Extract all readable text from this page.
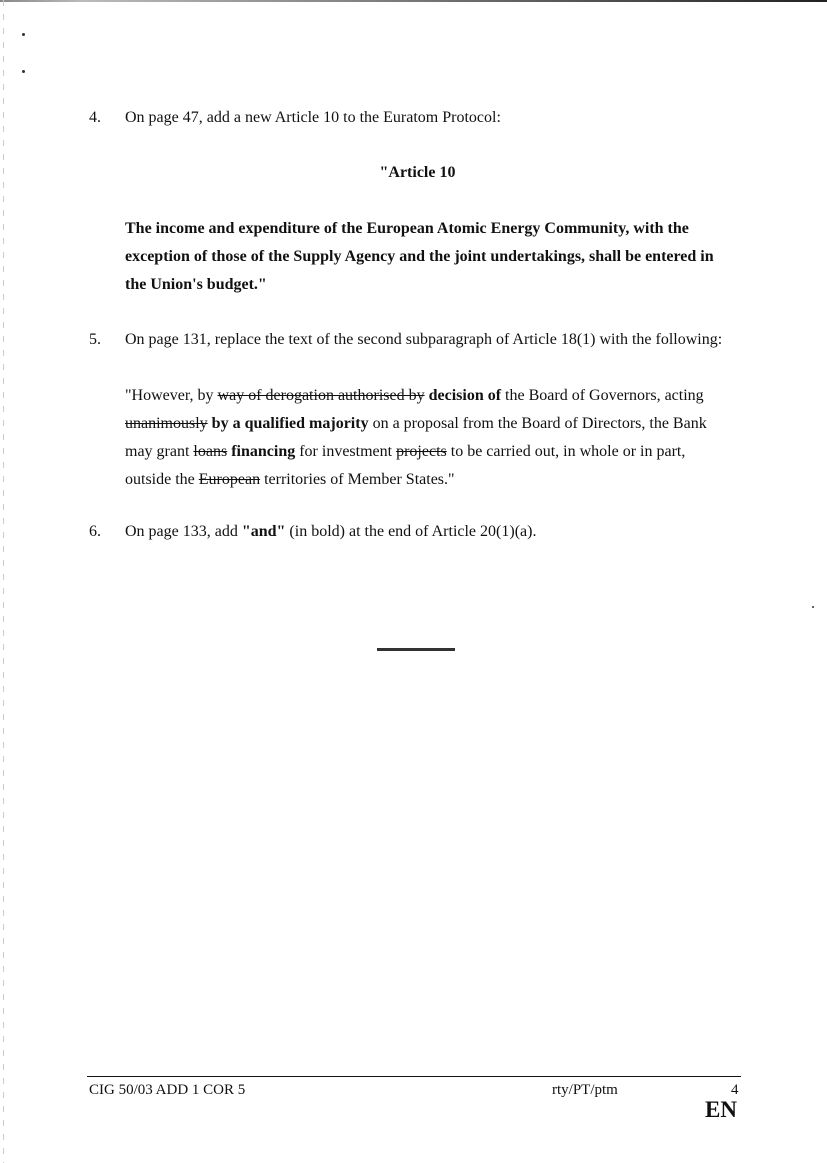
4. On page 47, add a new Article 10 to the Euratom Protocol:
"Article 10
The income and expenditure of the European Atomic Energy Community, with the exception of those of the Supply Agency and the joint undertakings, shall be entered in the Union's budget."
5. On page 131, replace the text of the second subparagraph of Article 18(1) with the following:
"However, by way of derogation authorised by decision of the Board of Governors, acting unanimously by a qualified majority on a proposal from the Board of Directors, the Bank may grant loans financing for investment projects to be carried out, in whole or in part, outside the European territories of Member States."
6. On page 133, add "and" (in bold) at the end of Article 20(1)(a).
CIG 50/03 ADD 1 COR 5	rty/PT/ptm	4
EN
